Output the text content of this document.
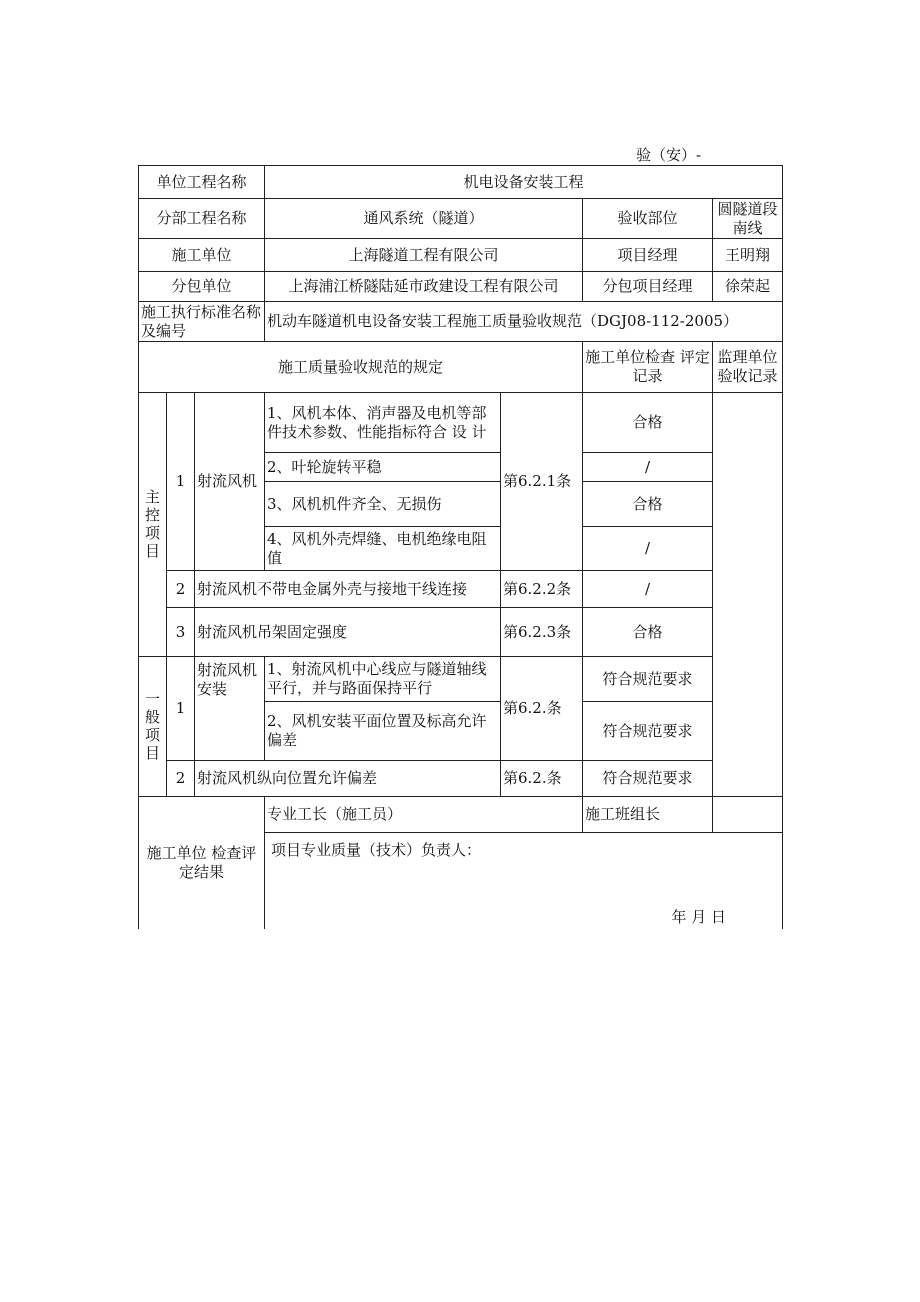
验（安）-
单位工程名称			机电设备安装工程			
分部工程名称			通风系统（隧道）		验收部位	圆隧道段南线
施工单位			上海隧道工程有限公司		项目经理	王明翔
分包单位			上海浦江桥隧陆延市政建设工程有限公司		分包项目经理	徐荣起
施工执行标准名称及编号			机动车隧道机电设备安装工程施工质量验收规范（DGJ08-112-2005）			
施工质量验收规范的规定					施工单位检查 评定记录	监理单位验收记录
主控项目	1	射流风机	1、风机本体、消声器及电机等部件技术参数、性能指标符合 设 计	第6.2.1条	合格	
			2、叶轮旋转平稳		/	
			3、风机机件齐全、无损伤		合格	
			4、风机外壳焊缝、电机绝缘电阻值		/	
	2	射流风机不带电金属外壳与接地干线连接		第6.2.2条	/	
	3	射流风机吊架固定强度		第6.2.3条	合格	
一般项目	1	射流风机安装	1、射流风机中心线应与隧道轴线平行，并与路面保持平行	第6.2.条	符合规范要求	
			2、风机安装平面位置及标高允许偏差		符合规范要求	
	2	射流风机纵向位置允许偏差		第6.2.条	符合规范要求	
施工单位 检查评定结果			专业工长（施工员）		施工班组长	

			项目专业质量（技术）负责人：
年 月 日			
